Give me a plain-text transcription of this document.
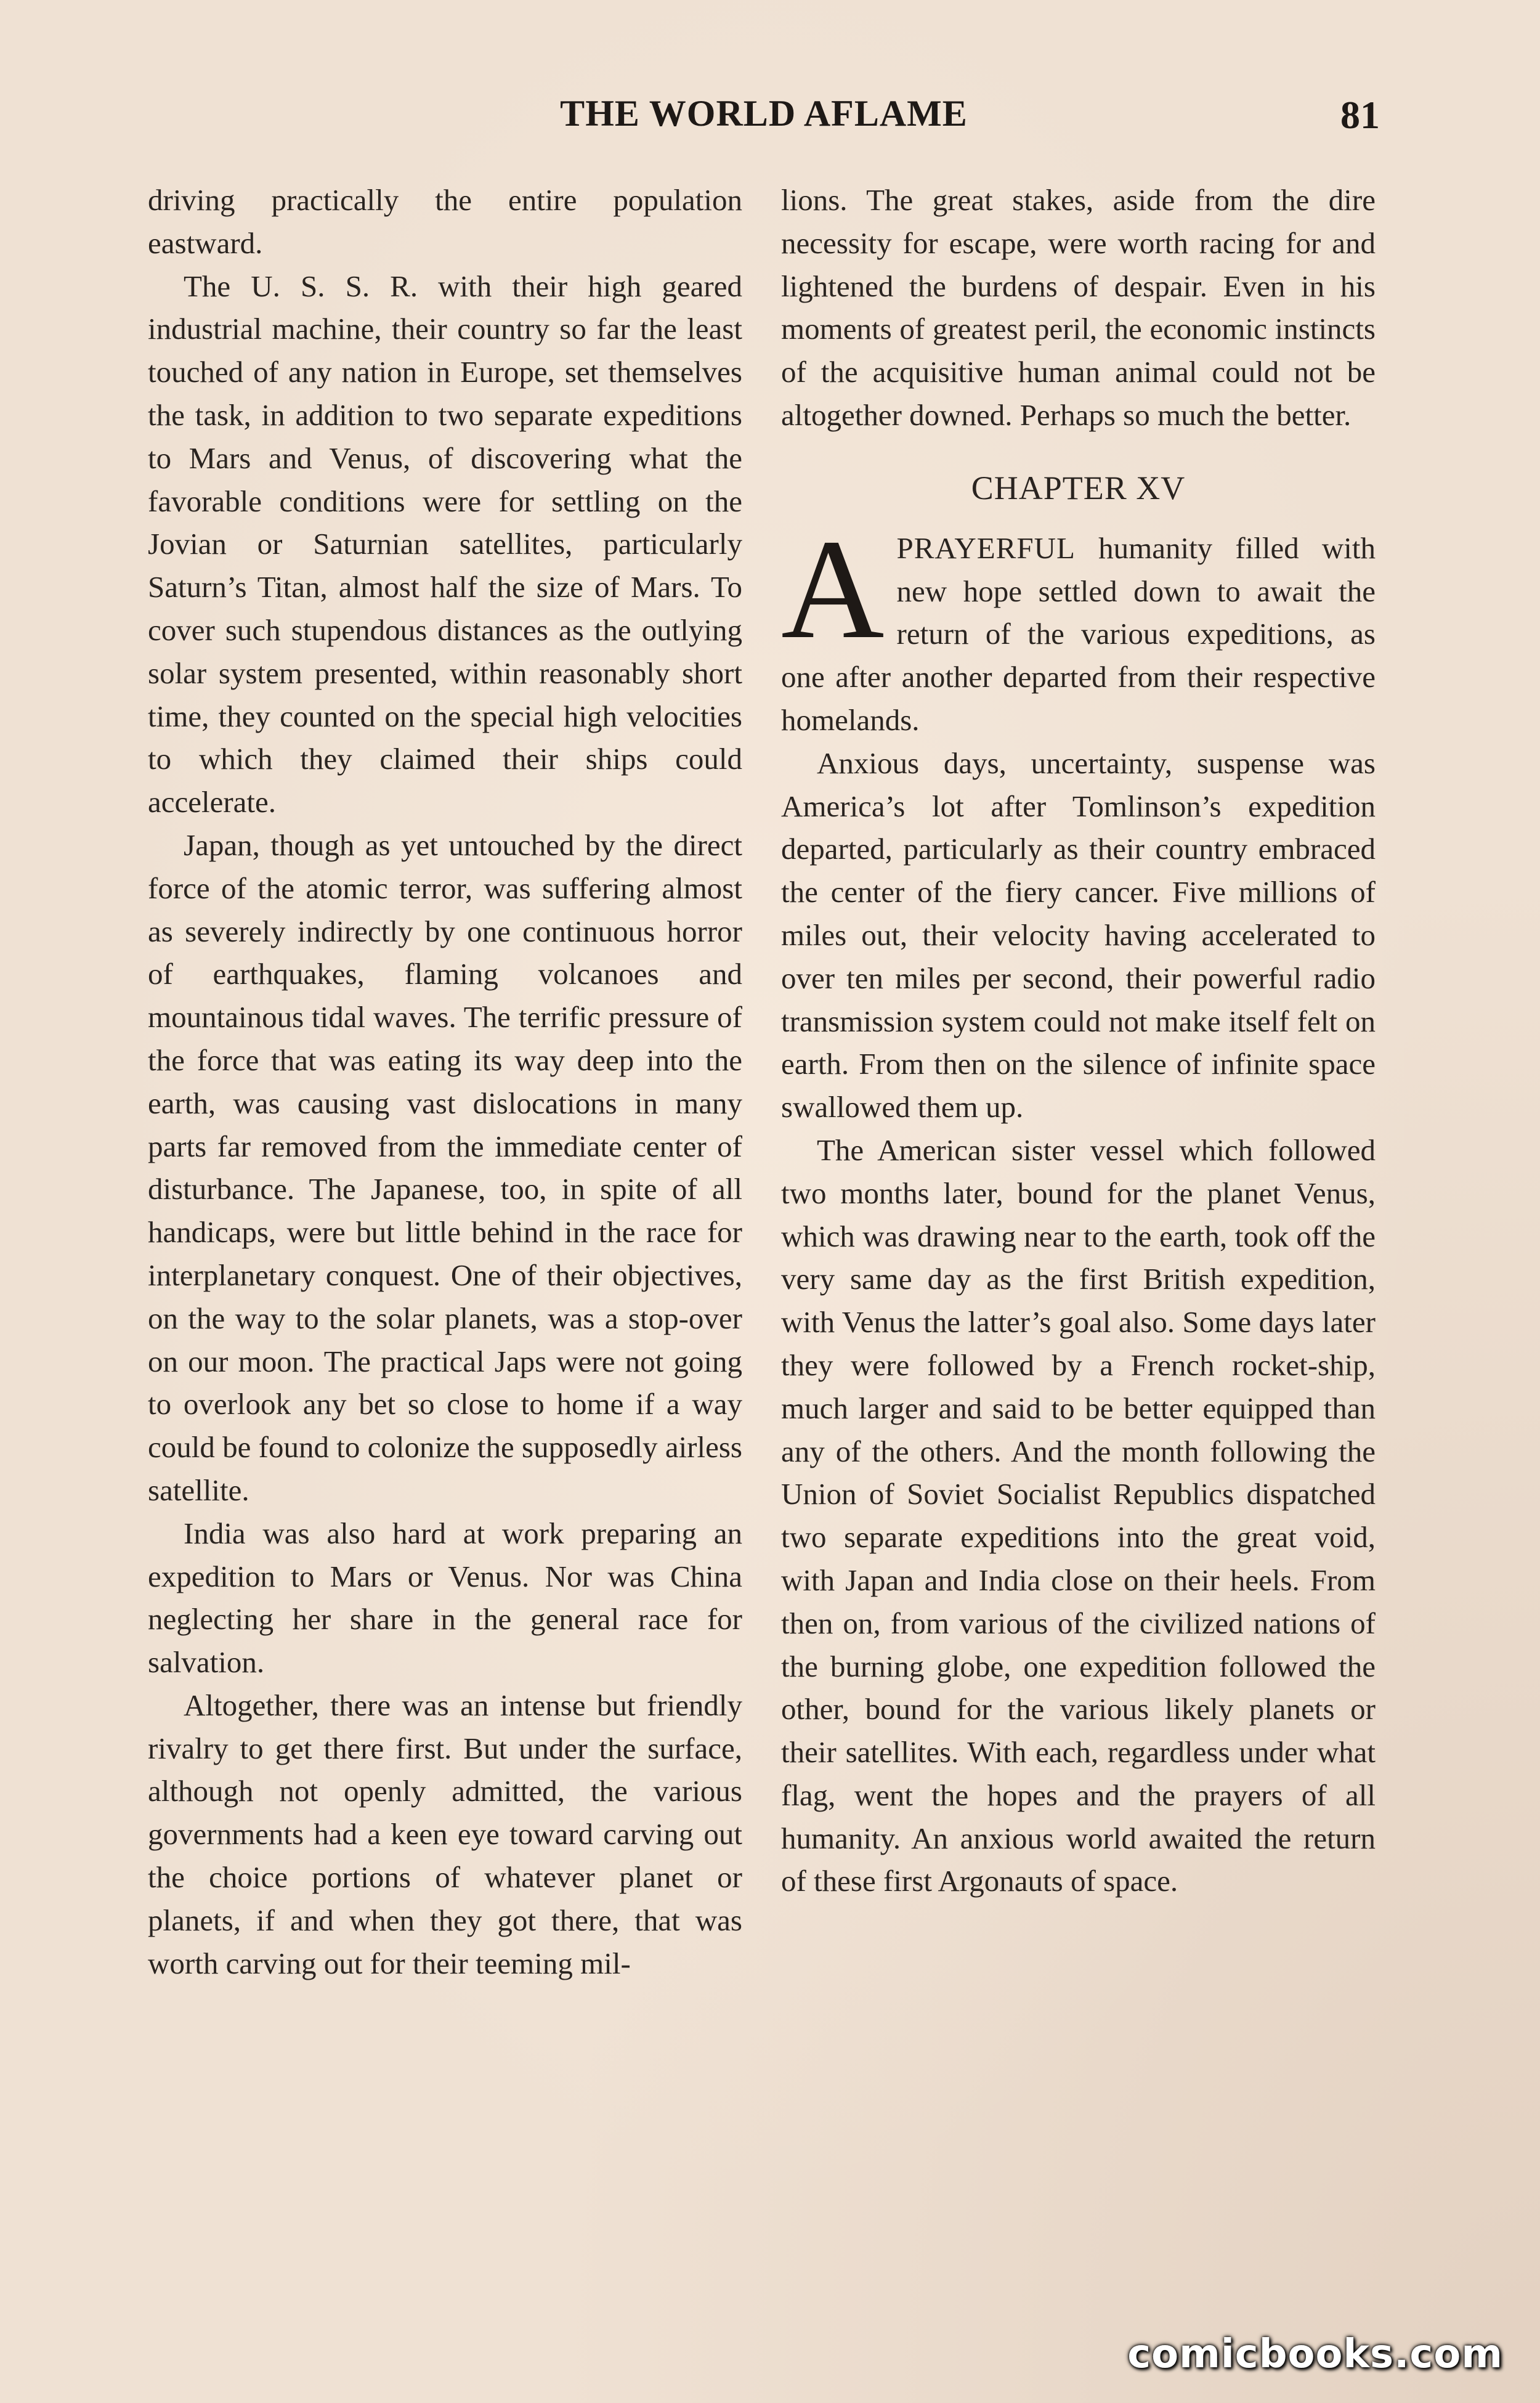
THE WORLD AFLAME	81

driving practically the entire population eastward.

The U. S. S. R. with their high geared industrial machine, their country so far the least touched of any nation in Europe, set themselves the task, in addition to two separate expeditions to Mars and Venus, of discovering what the favorable conditions were for settling on the Jovian or Saturnian satellites, particularly Saturn’s Titan, almost half the size of Mars. To cover such stupendous distances as the outlying solar system presented, within reasonably short time, they counted on the special high velocities to which they claimed their ships could accelerate.

Japan, though as yet untouched by the direct force of the atomic terror, was suffering almost as severely indirectly by one continuous horror of earthquakes, flaming volcanoes and mountainous tidal waves. The terrific pressure of the force that was eating its way deep into the earth, was causing vast dislocations in many parts far removed from the immediate center of disturbance. The Japanese, too, in spite of all handicaps, were but little behind in the race for interplanetary conquest. One of their objectives, on the way to the solar planets, was a stop-over on our moon. The practical Japs were not going to overlook any bet so close to home if a way could be found to colonize the supposedly airless satellite.

India was also hard at work preparing an expedition to Mars or Venus. Nor was China neglecting her share in the general race for salvation.

Altogether, there was an intense but friendly rivalry to get there first. But under the surface, although not openly admitted, the various governments had a keen eye toward carving out the choice portions of whatever planet or planets, if and when they got there, that was worth carving out for their teeming mil-

lions. The great stakes, aside from the dire necessity for escape, were worth racing for and lightened the burdens of despair. Even in his moments of greatest peril, the economic instincts of the acquisitive human animal could not be altogether downed. Perhaps so much the better.

CHAPTER XV

APRAYERFUL humanity filled with new hope settled down to await the return of the various expeditions, as one after another departed from their respective homelands.

Anxious days, uncertainty, suspense was America’s lot after Tomlinson’s expedition departed, particularly as their country embraced the center of the fiery cancer. Five millions of miles out, their velocity having accelerated to over ten miles per second, their powerful radio transmission system could not make itself felt on earth. From then on the silence of infinite space swallowed them up.

The American sister vessel which followed two months later, bound for the planet Venus, which was drawing near to the earth, took off the very same day as the first British expedition, with Venus the latter’s goal also. Some days later they were followed by a French rocket-ship, much larger and said to be better equipped than any of the others. And the month following the Union of Soviet Socialist Republics dispatched two separate expeditions into the great void, with Japan and India close on their heels. From then on, from various of the civilized nations of the burning globe, one expedition followed the other, bound for the various likely planets or their satellites. With each, regardless under what flag, went the hopes and the prayers of all humanity. An anxious world awaited the return of these first Argonauts of space.

comicbooks.com
